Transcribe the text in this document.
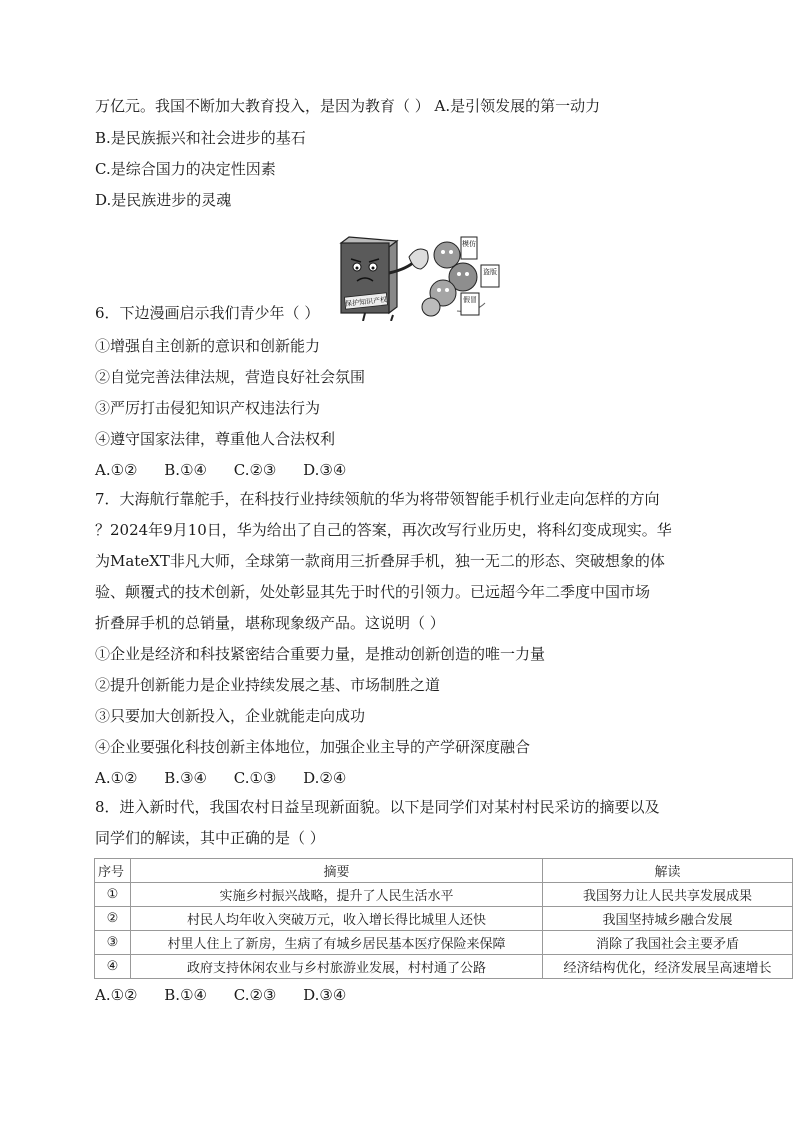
万亿元。我国不断加大教育投入，是因为教育（ ） A.是引领发展的第一动力
B.是民族振兴和社会进步的基石
C.是综合国力的决定性因素
D.是民族进步的灵魂
保护知识产权
模仿
盗版
假冒
6．下边漫画启示我们青少年（ ）
①增强自主创新的意识和创新能力
②自觉完善法律法规，营造良好社会氛围
③严厉打击侵犯知识产权违法行为
④遵守国家法律，尊重他人合法权利
A.①② B.①④ C.②③ D.③④
7．大海航行靠舵手，在科技行业持续领航的华为将带领智能手机行业走向怎样的方向
？2024年9月10日，华为给出了自己的答案，再次改写行业历史，将科幻变成现实。华
为MateXT非凡大师，全球第一款商用三折叠屏手机，独一无二的形态、突破想象的体
验、颠覆式的技术创新，处处彰显其先于时代的引领力。已远超今年二季度中国市场
折叠屏手机的总销量，堪称现象级产品。这说明（ ）
①企业是经济和科技紧密结合重要力量，是推动创新创造的唯一力量
②提升创新能力是企业持续发展之基、市场制胜之道
③只要加大创新投入，企业就能走向成功
④企业要强化科技创新主体地位，加强企业主导的产学研深度融合
A.①② B.③④ C.①③ D.②④
8．进入新时代，我国农村日益呈现新面貌。以下是同学们对某村村民采访的摘要以及
同学们的解读，其中正确的是（ ）
序号	摘要	解读
①	实施乡村振兴战略，提升了人民生活水平	我国努力让人民共享发展成果
②	村民人均年收入突破万元，收入增长得比城里人还快	我国坚持城乡融合发展
③	村里人住上了新房，生病了有城乡居民基本医疗保险来保障	消除了我国社会主要矛盾
④	政府支持休闲农业与乡村旅游业发展，村村通了公路	经济结构优化，经济发展呈高速增长
A.①② B.①④ C.②③ D.③④
